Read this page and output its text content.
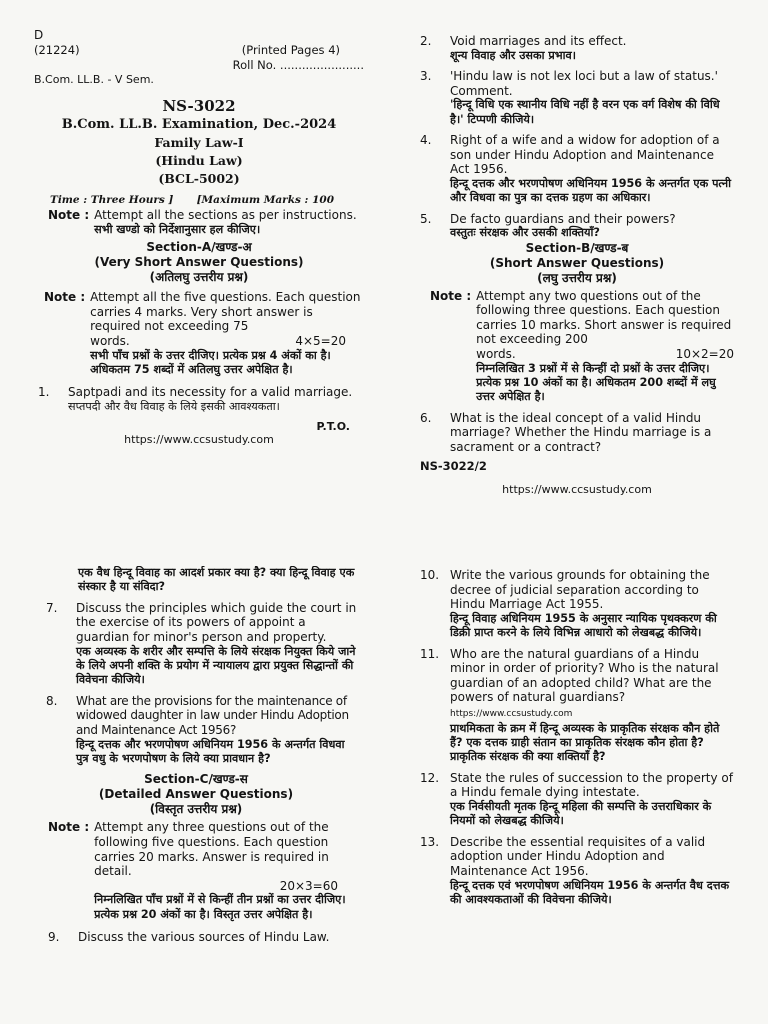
D
(21224)	(Printed Pages 4)
Roll No. .......................
B.Com. LL.B. - V Sem.
NS-3022
B.Com. LL.B. Examination, Dec.-2024
Family Law-I
(Hindu Law)
(BCL-5002)
Time : Three Hours ] [Maximum Marks : 100
Note : Attempt all the sections as per instructions.
सभी खण्डो को निर्देशानुसार हल कीजिए।
Section-A/खण्ड-अ
(Very Short Answer Questions)
(अतिलघु उत्तरीय प्रश्न)
Note : Attempt all the five questions. Each question carries 4 marks. Very short answer is required not exceeding 75
words.	4×5=20
सभी पाँच प्रश्नों के उत्तर दीजिए। प्रत्येक प्रश्न 4 अंकों का है। अधिकतम 75 शब्दों में अतिलघु उत्तर अपेक्षित है।
1.	Saptpadi and its necessity for a valid marriage.
सप्तपदी और वैध विवाह के लिये इसकी आवश्यकता।
P.T.O.
https://www.ccsustudy.com
2.	Void marriages and its effect.
शून्य विवाह और उसका प्रभाव।
3.	'Hindu law is not lex loci but a law of status.' Comment.
'हिन्दू विधि एक स्थानीय विधि नहीं है वरन एक वर्ग विशेष की विधि है।' टिप्पणी कीजिये।
4.	Right of a wife and a widow for adoption of a son under Hindu Adoption and Maintenance Act 1956.
हिन्दू दत्तक और भरणपोषण अधिनियम 1956 के अन्तर्गत एक पत्नी और विधवा का पुत्र का दत्तक ग्रहण का अधिकार।
5.	De facto guardians and their powers?
वस्तुतः संरक्षक और उसकी शक्तियाँ?
Section-B/खण्ड-ब
(Short Answer Questions)
(लघु उत्तरीय प्रश्न)
Note : Attempt any two questions out of the following three questions. Each question carries 10 marks. Short answer is required not exceeding 200
words.	10×2=20
निम्नलिखित 3 प्रश्नों में से किन्हीं दो प्रश्नों के उत्तर दीजिए। प्रत्येक प्रश्न 10 अंकों का है। अधिकतम 200 शब्दों में लघु उत्तर अपेक्षित है।
6.	What is the ideal concept of a valid Hindu marriage? Whether the Hindu marriage is a sacrament or a contract?
NS-3022/2
https://www.ccsustudy.com
एक वैध हिन्दू विवाह का आदर्श प्रकार क्या है? क्या हिन्दू विवाह एक संस्कार है या संविदा?
7.	Discuss the principles which guide the court in the exercise of its powers of appoint a guardian for minor's person and property.
एक अव्यस्क के शरीर और सम्पत्ति के लिये संरक्षक नियुक्त किये जाने के लिये अपनी शक्ति के प्रयोग में न्यायालय द्वारा प्रयुक्त सिद्धान्तों की विवेचना कीजिये।
8.	What are the provisions for the maintenance of widowed daughter in law under Hindu Adoption and Maintenance Act 1956?
हिन्दू दत्तक और भरणपोषण अधिनियम 1956 के अन्तर्गत विधवा पुत्र वधु के भरणपोषण के लिये क्या प्रावधान है?
Section-C/खण्ड-स
(Detailed Answer Questions)
(विस्तृत उत्तरीय प्रश्न)
Note : Attempt any three questions out of the following five questions. Each question carries 20 marks. Answer is required in detail.
20×3=60
निम्नलिखित पाँच प्रश्नों में से किन्हीं तीन प्रश्नों का उत्तर दीजिए। प्रत्येक प्रश्न 20 अंकों का है। विस्तृत उत्तर अपेक्षित है।
9.	Discuss the various sources of Hindu Law.
10. Write the various grounds for obtaining the decree of judicial separation according to Hindu Marriage Act 1955.
हिन्दू विवाह अधिनियम 1955 के अनुसार न्यायिक पृथक्करण की डिक्री प्राप्त करने के लिये विभिन्न आधारो को लेखबद्ध कीजिये।
11. Who are the natural guardians of a Hindu minor in order of priority? Who is the natural guardian of an adopted child? What are the powers of natural guardians? https://www.ccsustudy.com
प्राथमिकता के क्रम में हिन्दू अव्यस्क के प्राकृतिक संरक्षक कौन होते हैं? एक दत्तक ग्राही संतान का प्राकृतिक संरक्षक कौन होता है? प्राकृतिक संरक्षक की क्या शक्तियाँ है?
12. State the rules of succession to the property of a Hindu female dying intestate.
एक निर्वसीयती मृतक हिन्दू महिला की सम्पत्ति के उत्तराधिकार के नियमों को लेखबद्ध कीजिये।
13. Describe the essential requisites of a valid adoption under Hindu Adoption and Maintenance Act 1956.
हिन्दू दत्तक एवं भरणपोषण अधिनियम 1956 के अन्तर्गत वैध दत्तक की आवश्यकताओं की विवेचना कीजिये।
